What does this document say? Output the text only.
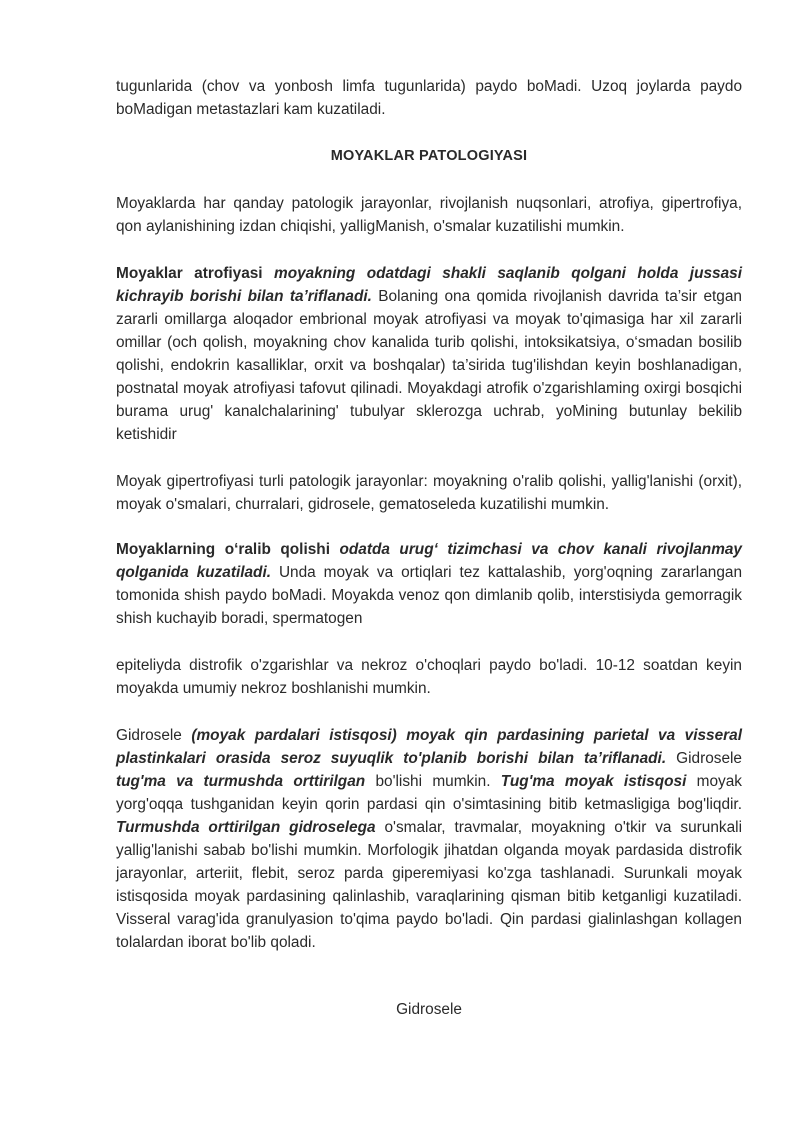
tugunlarida (chov va yonbosh limfa tugunlarida) paydo boMadi. Uzoq joylarda paydo boMadigan metastazlari kam kuzatiladi.

MOYAKLAR PATOLOGIYASI

Moyaklarda har qanday patologik jarayonlar, rivojlanish nuqsonlari, atrofiya, gipertrofiya, qon aylanishining izdan chiqishi, yalligManish, o'smalar kuzatilishi mumkin.

Moyaklar atrofiyasi moyakning odatdagi shakli saqlanib qolgani holda jussasi kichrayib borishi bilan ta’riflanadi. Bolaning ona qomida rivojlanish davrida ta’sir etgan zararli omillarga aloqador embrional moyak atrofiyasi va moyak to'qimasiga har xil zararli omillar (och qolish, moyakning chov kanalida turib qolishi, intoksikatsiya, o‘smadan bosilib qolishi, endokrin kasalliklar, orxit va boshqalar) ta’sirida tug'ilishdan keyin boshlanadigan, postnatal moyak atrofiyasi tafovut qilinadi. Moyakdagi atrofik o'zgarishlaming oxirgi bosqichi burama urug' kanalchalarining' tubulyar sklerozga uchrab, yoMining butunlay bekilib ketishidir

Moyak gipertrofiyasi turli patologik jarayonlar: moyakning o'ralib qolishi, yallig'lanishi (orxit), moyak o'smalari, churralari, gidrosele, gematoseleda kuzatilishi mumkin.

Moyaklarning o‘ralib qolishi odatda urug‘ tizimchasi va chov kanali rivojlanmay qolganida kuzatiladi. Unda moyak va ortiqlari tez kattalashib, yorg'oqning zararlangan tomonida shish paydo boMadi. Moyakda venoz qon dimlanib qolib, interstisiyda gemorragik shish kuchayib boradi, spermatogen

epiteliyda distrofik o'zgarishlar va nekroz o'choqlari paydo bo'ladi. 10-12 soatdan keyin moyakda umumiy nekroz boshlanishi mumkin.

Gidrosele (moyak pardalari istisqosi) moyak qin pardasining parietal va visseral plastinkalari orasida seroz suyuqlik to'planib borishi bilan ta’riflanadi. Gidrosele tug'ma va turmushda orttirilgan bo'lishi mumkin. Tug'ma moyak istisqosi moyak yorg'oqqa tushganidan keyin qorin pardasi qin o'simtasining bitib ketmasligiga bog'liqdir. Turmushda orttirilgan gidroselega o'smalar, travmalar, moyakning o'tkir va surunkali yallig'lanishi sabab bo'lishi mumkin. Morfologik jihatdan olganda moyak pardasida distrofik jarayonlar, arteriit, flebit, seroz parda giperemiyasi ko'zga tashlanadi. Surunkali moyak istisqosida moyak pardasining qalinlashib, varaqlarining qisman bitib ketganligi kuzatiladi. Visseral varag'ida granulyasion to'qima paydo bo'ladi. Qin pardasi gialinlashgan kollagen tolalardan iborat bo'lib qoladi.

Gidrosele
